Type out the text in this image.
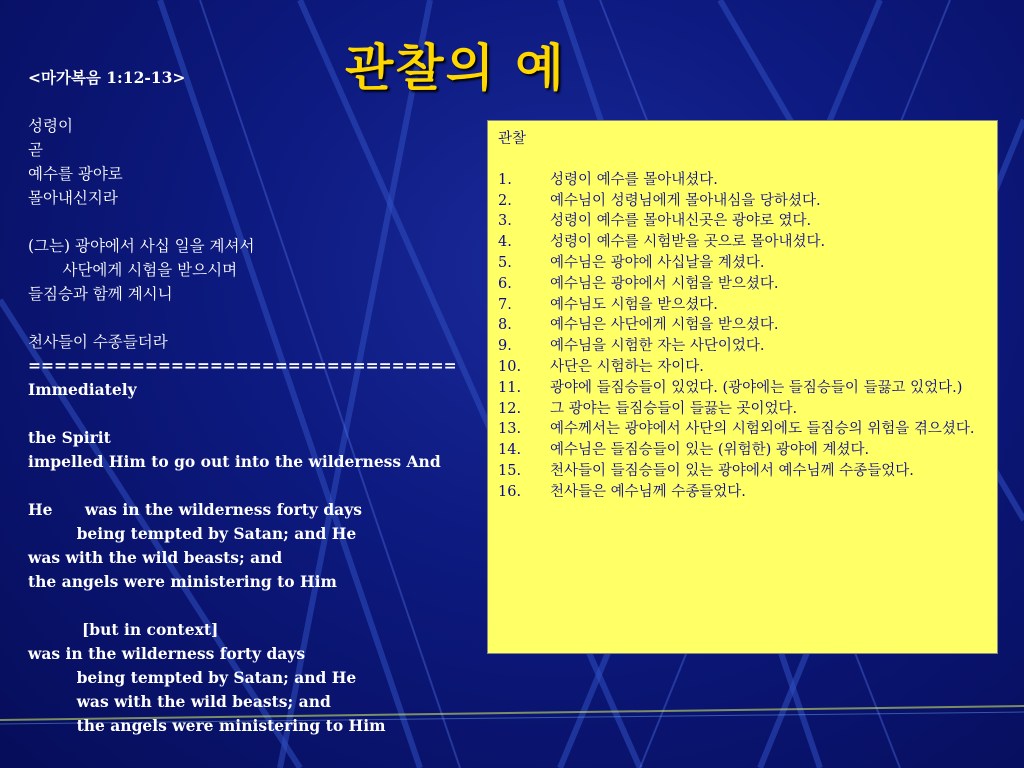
관찰의 예
<마가복음 1:12-13>
성령이
곧
예수를 광야로
몰아내신지라
(그는) 광야에서 사십 일을 계셔서
사단에게 시험을 받으시며
들짐승과 함께 계시니
천사들이 수종들더라
=================================
Immediately
the Spirit
impelled Him to go out into the wilderness And
He      was in the wilderness forty days
being tempted by Satan; and He
was with the wild beasts; and
the angels were ministering to Him
[but in context]
was in the wilderness forty days
being tempted by Satan; and He
was with the wild beasts; and
the angels were ministering to Him
관찰
1.	성령이 예수를 몰아내셨다.
2.	예수님이 성령님에게 몰아내심을 당하셨다.
3.	성령이 예수를 몰아내신곳은 광야로 였다.
4.	성령이 예수를 시험받을 곳으로 몰아내셨다.
5.	예수님은 광야에 사십날을 계셨다.
6.	예수님은 광야에서 시험을 받으셨다.
7.	예수님도 시험을 받으셨다.
8.	예수님은 사단에게 시험을 받으셨다.
9.	예수님을 시험한 자는 사단이었다.
10.	사단은 시험하는 자이다.
11.	광야에 들짐승들이 있었다. (광야에는 들짐승들이 들끓고 있었다.)
12.	그 광야는 들짐승들이 들끓는 곳이었다.
13.	예수께서는 광야에서 사단의 시험외에도 들짐승의 위험을 겪으셨다.
14.	예수님은 들짐승들이 있는 (위험한) 광야에 계셨다.
15.	천사들이 들짐승들이 있는 광야에서 예수님께 수종들었다.
16.	천사들은 예수님께 수종들었다.
